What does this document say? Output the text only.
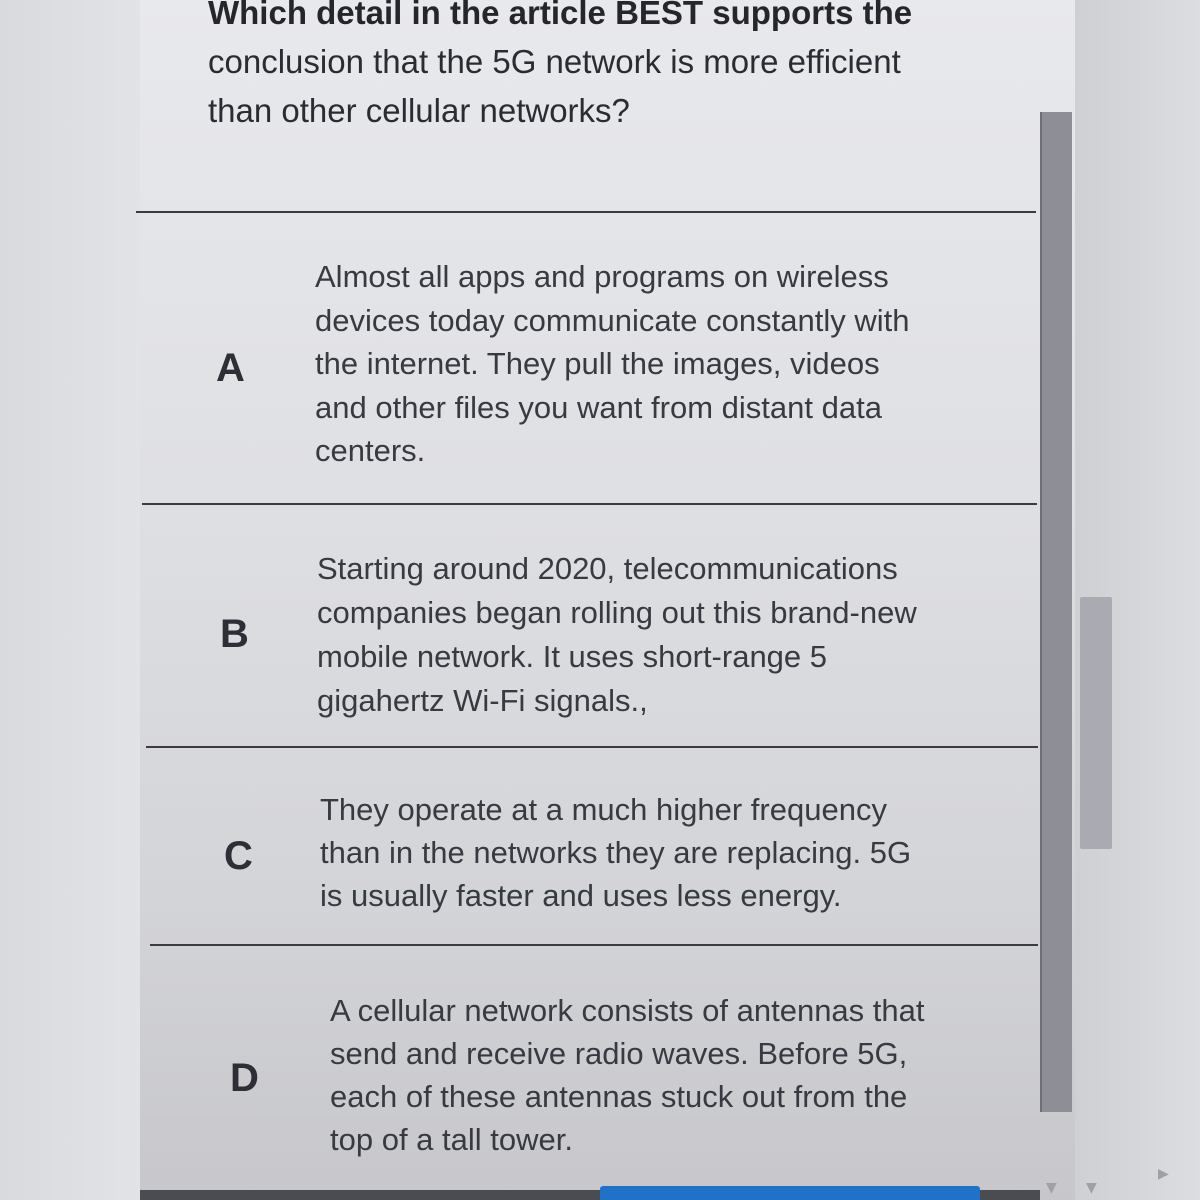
Which detail in the article BEST supports the
conclusion that the 5G network is more efficient
than other cellular networks?
A
Almost all apps and programs on wireless
devices today communicate constantly with
the internet. They pull the images, videos
and other files you want from distant data
centers.
B
Starting around 2020, telecommunications
companies began rolling out this brand-new
mobile network. It uses short-range 5
gigahertz Wi-Fi signals.,
C
They operate at a much higher frequency
than in the networks they are replacing. 5G
is usually faster and uses less energy.
D
A cellular network consists of antennas that
send and receive radio waves. Before 5G,
each of these antennas stuck out from the
top of a tall tower.
▼ ▼
▶
